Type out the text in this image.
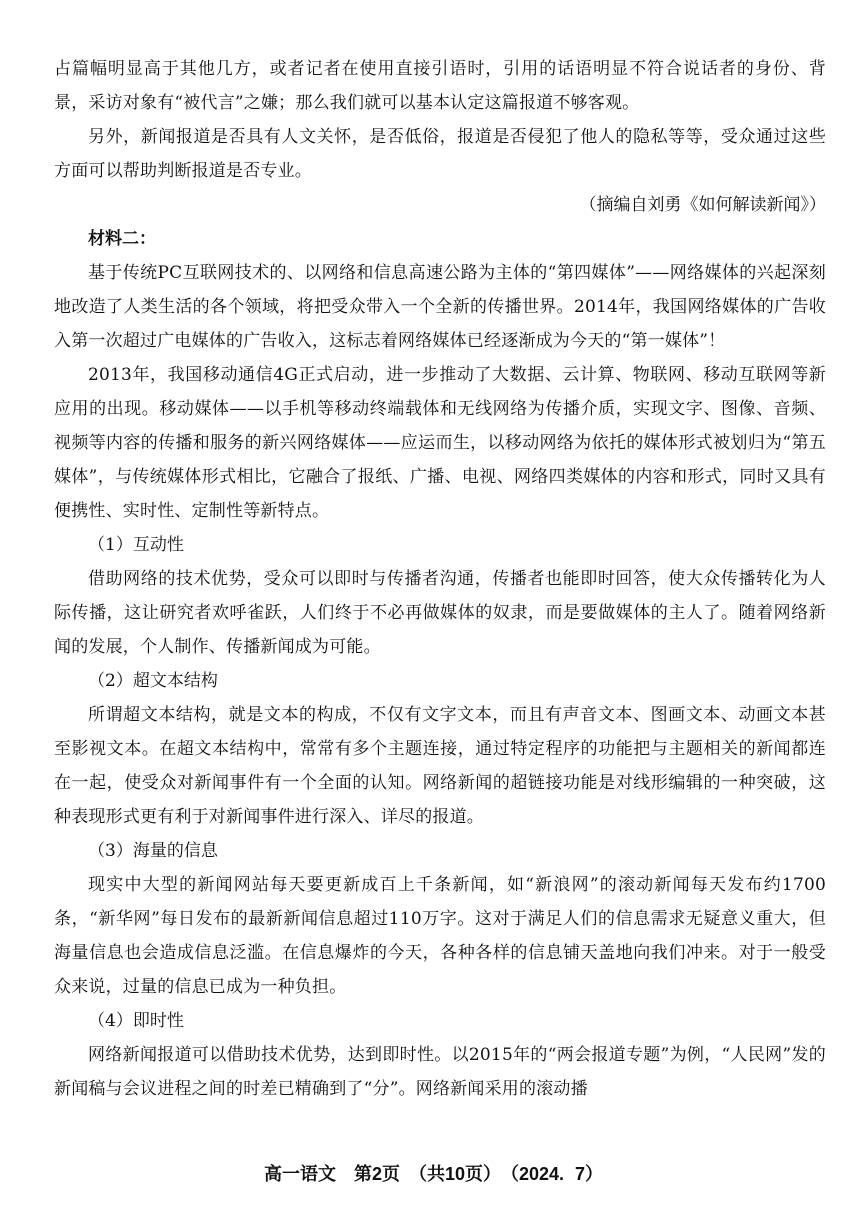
占篇幅明显高于其他几方，或者记者在使用直接引语时，引用的话语明显不符合说话者的身份、背景，采访对象有“被代言”之嫌；那么我们就可以基本认定这篇报道不够客观。

另外，新闻报道是否具有人文关怀，是否低俗，报道是否侵犯了他人的隐私等等，受众通过这些方面可以帮助判断报道是否专业。

（摘编自刘勇《如何解读新闻》）

材料二：

基于传统PC互联网技术的、以网络和信息高速公路为主体的“第四媒体”——网络媒体的兴起深刻地改造了人类生活的各个领域，将把受众带入一个全新的传播世界。2014年，我国网络媒体的广告收入第一次超过广电媒体的广告收入，这标志着网络媒体已经逐渐成为今天的“第一媒体”！

2013年，我国移动通信4G正式启动，进一步推动了大数据、云计算、物联网、移动互联网等新应用的出现。移动媒体——以手机等移动终端载体和无线网络为传播介质，实现文字、图像、音频、视频等内容的传播和服务的新兴网络媒体——应运而生，以移动网络为依托的媒体形式被划归为“第五媒体”，与传统媒体形式相比，它融合了报纸、广播、电视、网络四类媒体的内容和形式，同时又具有便携性、实时性、定制性等新特点。

（1）互动性

借助网络的技术优势，受众可以即时与传播者沟通，传播者也能即时回答，使大众传播转化为人际传播，这让研究者欢呼雀跃，人们终于不必再做媒体的奴隶，而是要做媒体的主人了。随着网络新闻的发展，个人制作、传播新闻成为可能。

（2）超文本结构

所谓超文本结构，就是文本的构成，不仅有文字文本，而且有声音文本、图画文本、动画文本甚至影视文本。在超文本结构中，常常有多个主题连接，通过特定程序的功能把与主题相关的新闻都连在一起，使受众对新闻事件有一个全面的认知。网络新闻的超链接功能是对线形编辑的一种突破，这种表现形式更有利于对新闻事件进行深入、详尽的报道。

（3）海量的信息

现实中大型的新闻网站每天要更新成百上千条新闻，如“新浪网”的滚动新闻每天发布约1700条，“新华网”每日发布的最新新闻信息超过110万字。这对于满足人们的信息需求无疑意义重大，但海量信息也会造成信息泛滥。在信息爆炸的今天，各种各样的信息铺天盖地向我们冲来。对于一般受众来说，过量的信息已成为一种负担。

（4）即时性

网络新闻报道可以借助技术优势，达到即时性。以2015年的“两会报道专题”为例，“人民网”发的新闻稿与会议进程之间的时差已精确到了“分”。网络新闻采用的滚动播

高一语文　第2页　（共10页）　（2024. 7）
